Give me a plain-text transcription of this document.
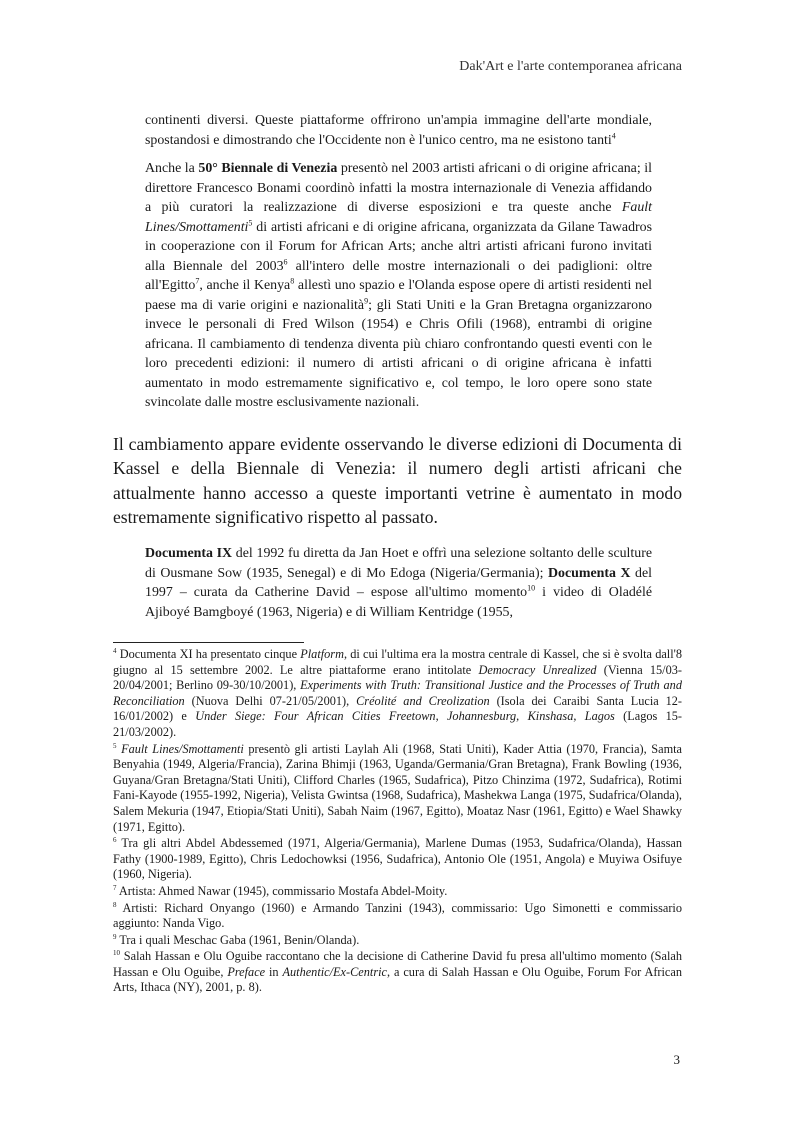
Dak'Art e l'arte contemporanea africana

continenti diversi. Queste piattaforme offrirono un'ampia immagine dell'arte mondiale, spostandosi e dimostrando che l'Occidente non è l'unico centro, ma ne esistono tanti$^4$

Anche la 50° Biennale di Venezia presentò nel 2003 artisti africani o di origine africana; il direttore Francesco Bonami coordinò infatti la mostra internazionale di Venezia affidando a più curatori la realizzazione di diverse esposizioni e tra queste anche Fault Lines/Smottamenti$^5$ di artisti africani e di origine africana, organizzata da Gilane Tawadros in cooperazione con il Forum for African Arts; anche altri artisti africani furono invitati alla Biennale del 2003$^6$ all'intero delle mostre internazionali o dei padiglioni: oltre all'Egitto$^7$, anche il Kenya$^8$ allestì uno spazio e l'Olanda espose opere di artisti residenti nel paese ma di varie origini e nazionalità$^9$; gli Stati Uniti e la Gran Bretagna organizzarono invece le personali di Fred Wilson (1954) e Chris Ofili (1968), entrambi di origine africana. Il cambiamento di tendenza diventa più chiaro confrontando questi eventi con le loro precedenti edizioni: il numero di artisti africani o di origine africana è infatti aumentato in modo estremamente significativo e, col tempo, le loro opere sono state svincolate dalle mostre esclusivamente nazionali.

Il cambiamento appare evidente osservando le diverse edizioni di Documenta di Kassel e della Biennale di Venezia: il numero degli artisti africani che attualmente hanno accesso a queste importanti vetrine è aumentato in modo estremamente significativo rispetto al passato.

Documenta IX del 1992 fu diretta da Jan Hoet e offrì una selezione soltanto delle sculture di Ousmane Sow (1935, Senegal) e di Mo Edoga (Nigeria/Germania); Documenta X del 1997 – curata da Catherine David – espose all'ultimo momento$^{10}$ i video di Oladélé Ajiboyé Bamgboyé (1963, Nigeria) e di William Kentridge (1955,

$^4$ Documenta XI ha presentato cinque Platform, di cui l'ultima era la mostra centrale di Kassel, che si è svolta dall'8 giugno al 15 settembre 2002. Le altre piattaforme erano intitolate Democracy Unrealized (Vienna 15/03-20/04/2001; Berlino 09-30/10/2001), Experiments with Truth: Transitional Justice and the Processes of Truth and Reconciliation (Nuova Delhi 07-21/05/2001), Créolité and Creolization (Isola dei Caraibi Santa Lucia 12-16/01/2002) e Under Siege: Four African Cities Freetown, Johannesburg, Kinshasa, Lagos (Lagos 15-21/03/2002).

$^5$ Fault Lines/Smottamenti presentò gli artisti Laylah Ali (1968, Stati Uniti), Kader Attia (1970, Francia), Samta Benyahia (1949, Algeria/Francia), Zarina Bhimji (1963, Uganda/Germania/Gran Bretagna), Frank Bowling (1936, Guyana/Gran Bretagna/Stati Uniti), Clifford Charles (1965, Sudafrica), Pitzo Chinzima (1972, Sudafrica), Rotimi Fani-Kayode (1955-1992, Nigeria), Velista Gwintsa (1968, Sudafrica), Mashekwa Langa (1975, Sudafrica/Olanda), Salem Mekuria (1947, Etiopia/Stati Uniti), Sabah Naim (1967, Egitto), Moataz Nasr (1961, Egitto) e Wael Shawky (1971, Egitto).

$^6$ Tra gli altri Abdel Abdessemed (1971, Algeria/Germania), Marlene Dumas (1953, Sudafrica/Olanda), Hassan Fathy (1900-1989, Egitto), Chris Ledochowksi (1956, Sudafrica), Antonio Ole (1951, Angola) e Muyiwa Osifuye (1960, Nigeria).

$^7$ Artista: Ahmed Nawar (1945), commissario Mostafa Abdel-Moity.

$^8$ Artisti: Richard Onyango (1960) e Armando Tanzini (1943), commissario: Ugo Simonetti e commissario aggiunto: Nanda Vigo.

$^9$ Tra i quali Meschac Gaba (1961, Benin/Olanda).

$^{10}$ Salah Hassan e Olu Oguibe raccontano che la decisione di Catherine David fu presa all'ultimo momento (Salah Hassan e Olu Oguibe, Preface in Authentic/Ex-Centric, a cura di Salah Hassan e Olu Oguibe, Forum For African Arts, Ithaca (NY), 2001, p. 8).

3
